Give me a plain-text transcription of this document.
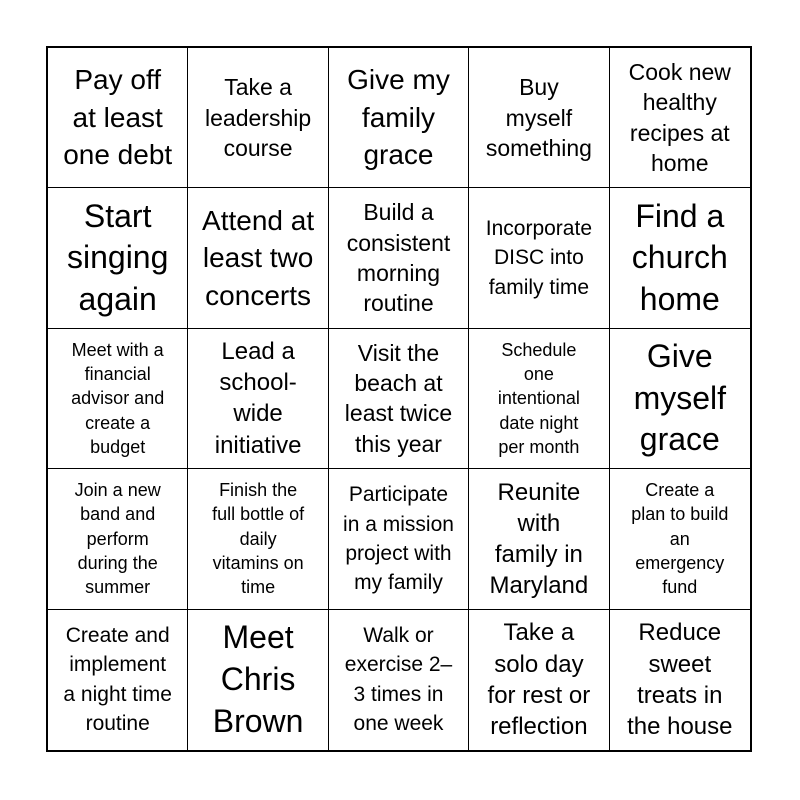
Pay off
at least
one debt
Take a
leadership
course
Give my
family
grace
Buy
myself
something
Cook new
healthy
recipes at
home
Start
singing
again
Attend at
least two
concerts
Build a
consistent
morning
routine
Incorporate
DISC into
family time
Find a
church
home
Meet with a
financial
advisor and
create a
budget
Lead a
school-
wide
initiative
Visit the
beach at
least twice
this year
Schedule
one
intentional
date night
per month
Give
myself
grace
Join a new
band and
perform
during the
summer
Finish the
full bottle of
daily
vitamins on
time
Participate
in a mission
project with
my family
Reunite
with
family in
Maryland
Create a
plan to build
an
emergency
fund
Create and
implement
a night time
routine
Meet
Chris
Brown
Walk or
exercise 2–
3 times in
one week
Take a
solo day
for rest or
reflection
Reduce
sweet
treats in
the house
